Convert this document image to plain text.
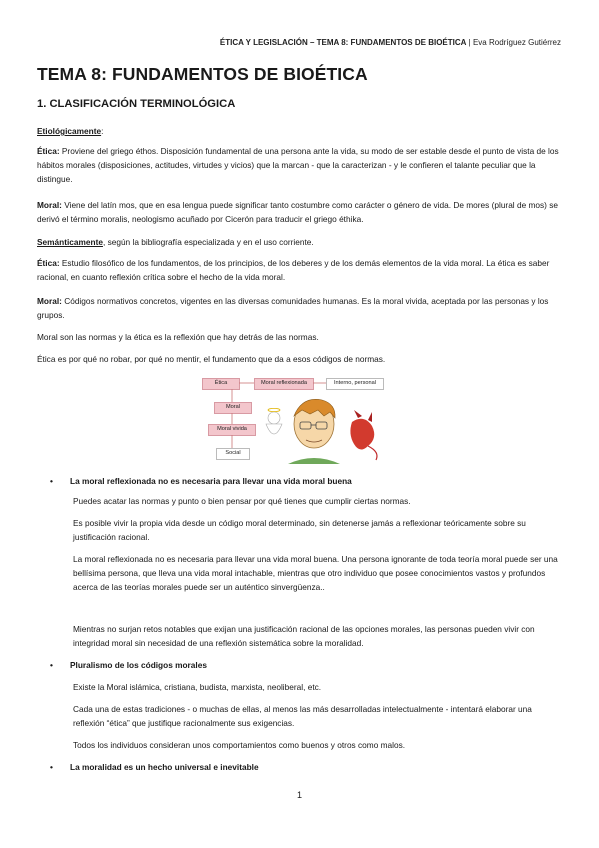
ÉTICA Y LEGISLACIÓN – TEMA 8: FUNDAMENTOS DE BIOÉTICA | Eva Rodríguez Gutiérrez
TEMA 8: FUNDAMENTOS DE BIOÉTICA
1. CLASIFICACIÓN TERMINOLÓGICA

Etiológicamente:

Ética: Proviene del griego éthos. Disposición fundamental de una persona ante la vida, su modo de ser estable desde el punto de vista de los hábitos morales (disposiciones, actitudes, virtudes y vicios) que la marcan - que la caracterizan - y le confieren el talante peculiar que la distingue.

Moral: Viene del latín mos, que en esa lengua puede significar tanto costumbre como carácter o género de vida. De mores (plural de mos) se derivó el término moralis, neologismo acuñado por Cicerón para traducir el griego éthika.

Semánticamente, según la bibliografía especializada y en el uso corriente.

Ética: Estudio filosófico de los fundamentos, de los principios, de los deberes y de los demás elementos de la vida moral. La ética es saber racional, en cuanto reflexión crítica sobre el hecho de la vida moral.

Moral: Códigos normativos concretos, vigentes en las diversas comunidades humanas. Es la moral vivida, aceptada por las personas y los grupos.

Moral son las normas y la ética es la reflexión que hay detrás de las normas.

Ética es por qué no robar, por qué no mentir, el fundamento que da a esos códigos de normas.

Ética	Moral reflexionada	Interno, personal
Moral
Moral vivida
Social
• La moral reflexionada no es necesaria para llevar una vida moral buena

Puedes acatar las normas y punto o bien pensar por qué tienes que cumplir ciertas normas.

Es posible vivir la propia vida desde un código moral determinado, sin detenerse jamás a reflexionar teóricamente sobre su justificación racional.

La moral reflexionada no es necesaria para llevar una vida moral buena. Una persona ignorante de toda teoría moral puede ser una bellísima persona, que lleva una vida moral intachable, mientras que otro individuo que posee conocimientos vastos y profundos acerca de las teorías morales puede ser un auténtico sinvergüenza..

Mientras no surjan retos notables que exijan una justificación racional de las opciones morales, las personas pueden vivir con integridad moral sin necesidad de una reflexión sistemática sobre la moralidad.

• Pluralismo de los códigos morales

Existe la Moral islámica, cristiana, budista, marxista, neoliberal, etc.

Cada una de estas tradiciones - o muchas de ellas, al menos las más desarrolladas intelectualmente - intentará elaborar una reflexión “ética” que justifique racionalmente sus exigencias.

Todos los individuos consideran unos comportamientos como buenos y otros como malos.

• La moralidad es un hecho universal e inevitable
1
